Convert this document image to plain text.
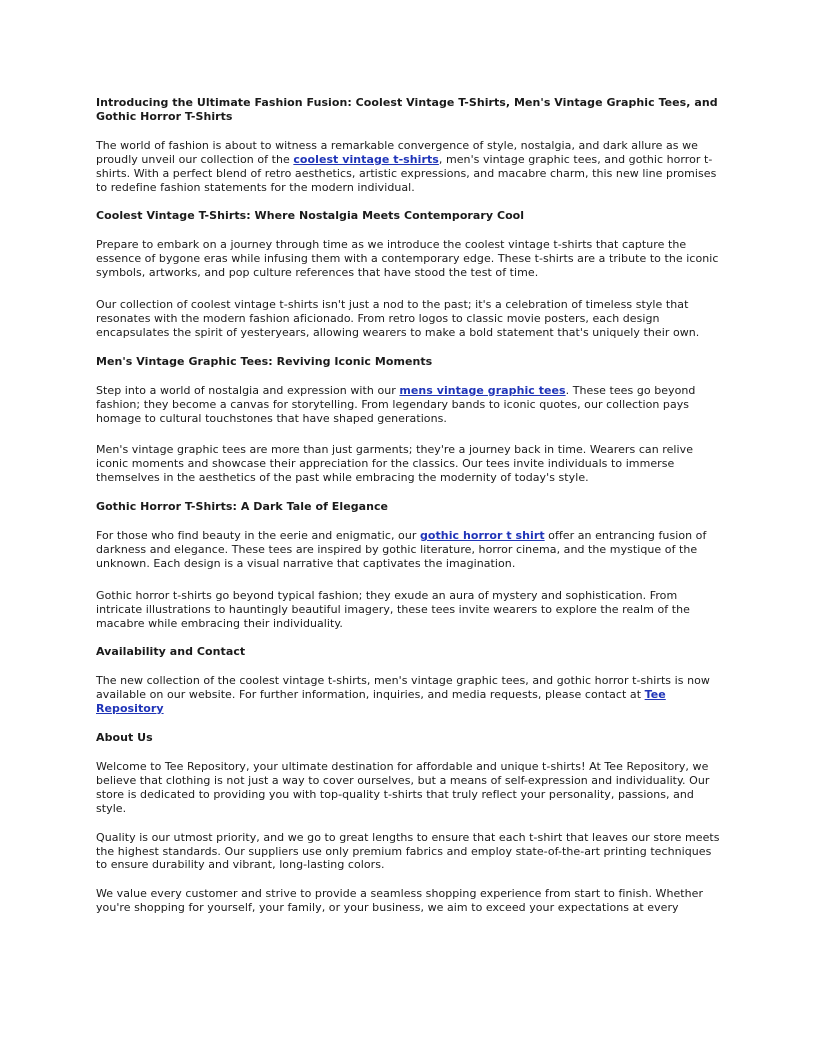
Introducing the Ultimate Fashion Fusion: Coolest Vintage T-Shirts, Men's Vintage Graphic Tees, and Gothic Horror T-Shirts

The world of fashion is about to witness a remarkable convergence of style, nostalgia, and dark allure as we proudly unveil our collection of the coolest vintage t-shirts, men's vintage graphic tees, and gothic horror t-shirts. With a perfect blend of retro aesthetics, artistic expressions, and macabre charm, this new line promises to redefine fashion statements for the modern individual.

Coolest Vintage T-Shirts: Where Nostalgia Meets Contemporary Cool

Prepare to embark on a journey through time as we introduce the coolest vintage t-shirts that capture the essence of bygone eras while infusing them with a contemporary edge. These t-shirts are a tribute to the iconic symbols, artworks, and pop culture references that have stood the test of time.

Our collection of coolest vintage t-shirts isn't just a nod to the past; it's a celebration of timeless style that resonates with the modern fashion aficionado. From retro logos to classic movie posters, each design encapsulates the spirit of yesteryears, allowing wearers to make a bold statement that's uniquely their own.

Men's Vintage Graphic Tees: Reviving Iconic Moments

Step into a world of nostalgia and expression with our mens vintage graphic tees. These tees go beyond fashion; they become a canvas for storytelling. From legendary bands to iconic quotes, our collection pays homage to cultural touchstones that have shaped generations.

Men's vintage graphic tees are more than just garments; they're a journey back in time. Wearers can relive iconic moments and showcase their appreciation for the classics. Our tees invite individuals to immerse themselves in the aesthetics of the past while embracing the modernity of today's style.

Gothic Horror T-Shirts: A Dark Tale of Elegance

For those who find beauty in the eerie and enigmatic, our gothic horror t shirt offer an entrancing fusion of darkness and elegance. These tees are inspired by gothic literature, horror cinema, and the mystique of the unknown. Each design is a visual narrative that captivates the imagination.

Gothic horror t-shirts go beyond typical fashion; they exude an aura of mystery and sophistication. From intricate illustrations to hauntingly beautiful imagery, these tees invite wearers to explore the realm of the macabre while embracing their individuality.

Availability and Contact

The new collection of the coolest vintage t-shirts, men's vintage graphic tees, and gothic horror t-shirts is now available on our website. For further information, inquiries, and media requests, please contact at Tee Repository

About Us

Welcome to Tee Repository, your ultimate destination for affordable and unique t-shirts! At Tee Repository, we believe that clothing is not just a way to cover ourselves, but a means of self-expression and individuality. Our store is dedicated to providing you with top-quality t-shirts that truly reflect your personality, passions, and style.

Quality is our utmost priority, and we go to great lengths to ensure that each t-shirt that leaves our store meets the highest standards. Our suppliers use only premium fabrics and employ state-of-the-art printing techniques to ensure durability and vibrant, long-lasting colors.

We value every customer and strive to provide a seamless shopping experience from start to finish. Whether you're shopping for yourself, your family, or your business, we aim to exceed your expectations at every
